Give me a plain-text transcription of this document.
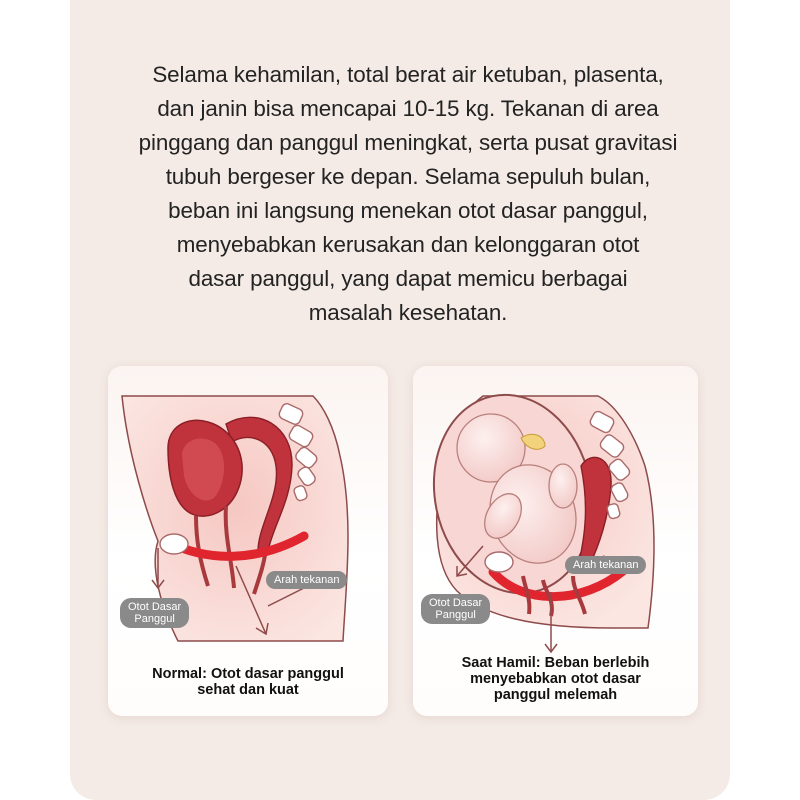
Selama kehamilan, total berat air ketuban, plasenta,
dan janin bisa mencapai 10-15 kg. Tekanan di area
pinggang dan panggul meningkat, serta pusat gravitasi
tubuh bergeser ke depan. Selama sepuluh bulan,
beban ini langsung menekan otot dasar panggul,
menyebabkan kerusakan dan kelonggaran otot
dasar panggul, yang dapat memicu berbagai
masalah kesehatan.
Arah tekanan
Otot Dasar
Panggul
Normal: Otot dasar panggul
sehat dan kuat
Arah tekanan
Otot Dasar
Panggul
Saat Hamil: Beban berlebih
menyebabkan otot dasar
panggul melemah
